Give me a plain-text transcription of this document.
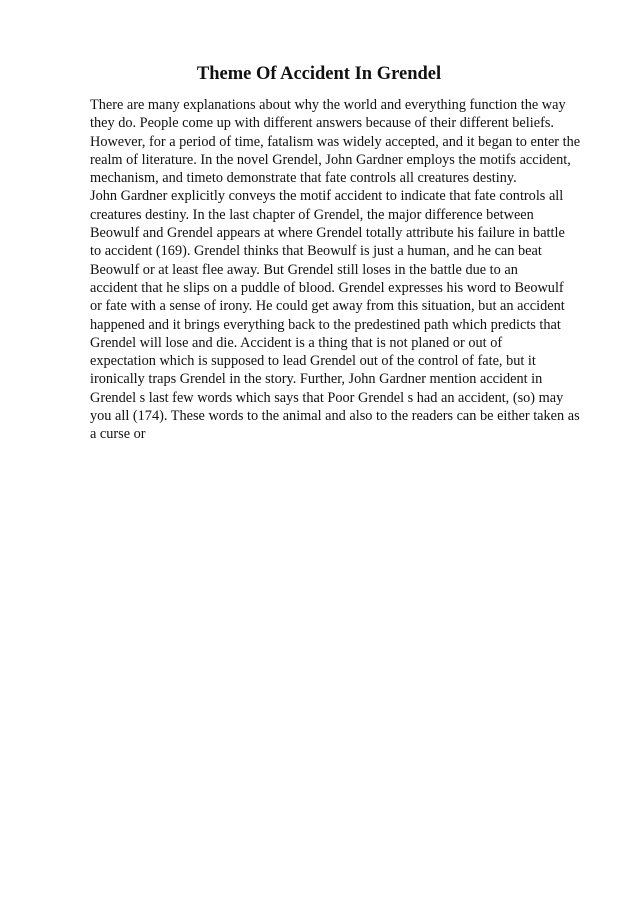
Theme Of Accident In Grendel
There are many explanations about why the world and everything function the way
they do. People come up with different answers because of their different beliefs.
However, for a period of time, fatalism was widely accepted, and it began to enter the
realm of literature. In the novel Grendel, John Gardner employs the motifs accident,
mechanism, and timeto demonstrate that fate controls all creatures destiny.
John Gardner explicitly conveys the motif accident to indicate that fate controls all
creatures destiny. In the last chapter of Grendel, the major difference between
Beowulf and Grendel appears at where Grendel totally attribute his failure in battle
to accident (169). Grendel thinks that Beowulf is just a human, and he can beat
Beowulf or at least flee away. But Grendel still loses in the battle due to an
accident that he slips on a puddle of blood. Grendel expresses his word to Beowulf
or fate with a sense of irony. He could get away from this situation, but an accident
happened and it brings everything back to the predestined path which predicts that
Grendel will lose and die. Accident is a thing that is not planed or out of
expectation which is supposed to lead Grendel out of the control of fate, but it
ironically traps Grendel in the story. Further, John Gardner mention accident in
Grendel s last few words which says that Poor Grendel s had an accident, (so) may
you all (174). These words to the animal and also to the readers can be either taken as
a curse or
